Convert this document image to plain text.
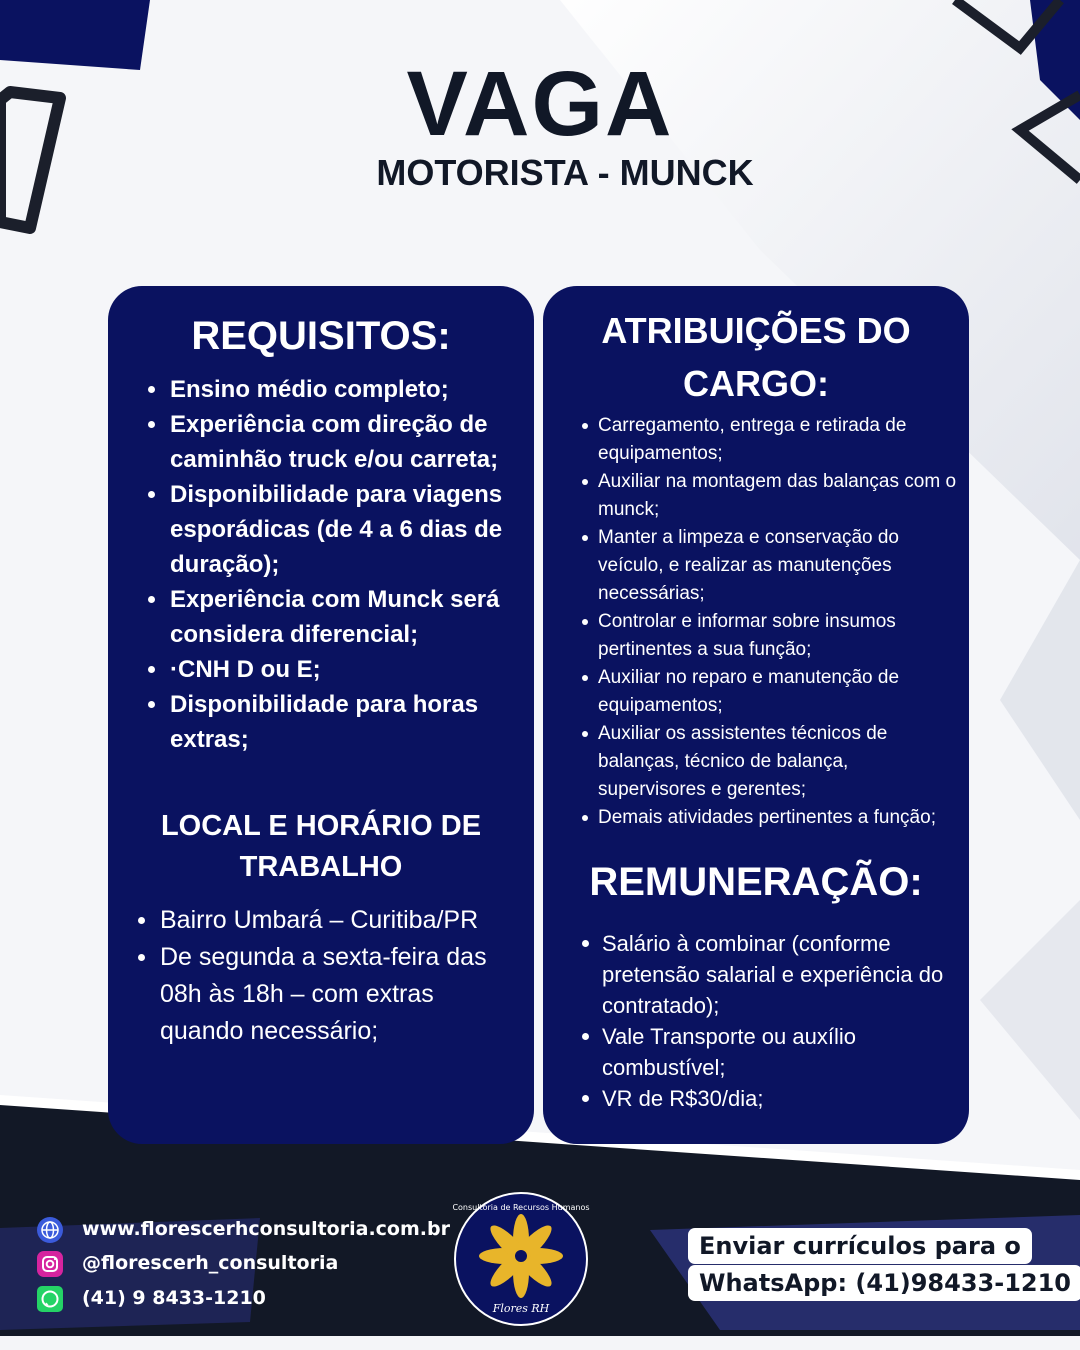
VAGA
MOTORISTA - MUNCK
REQUISITOS:
Ensino médio completo;
Experiência com direção de caminhão truck e/ou carreta;
Disponibilidade para viagens esporádicas (de 4 a 6 dias de duração);
Experiência com Munck será considera diferencial;
·CNH D ou E;
Disponibilidade para horas extras;
LOCAL E HORÁRIO DE TRABALHO
Bairro Umbará – Curitiba/PR
De segunda a sexta-feira das 08h às 18h – com extras quando necessário;
ATRIBUIÇÕES DO CARGO:
Carregamento, entrega e retirada de equipamentos;
Auxiliar na montagem das balanças com o munck;
Manter a limpeza e conservação do veículo, e realizar as manutenções necessárias;
Controlar e informar sobre insumos pertinentes a sua função;
Auxiliar no reparo e manutenção de equipamentos;
Auxiliar os assistentes técnicos de balanças, técnico de balança, supervisores e gerentes;
Demais atividades pertinentes a função;
REMUNERAÇÃO:
Salário à combinar (conforme pretensão salarial e experiência do contratado);
Vale Transporte ou auxílio combustível;
VR de R$30/dia;
www.florescerhconsultoria.com.br
@florescerh_consultoria
(41) 9 8433-1210	Flores RH
Consultoria de Recursos Humanos
Enviar currículos para o
WhatsApp: (41)98433-1210
